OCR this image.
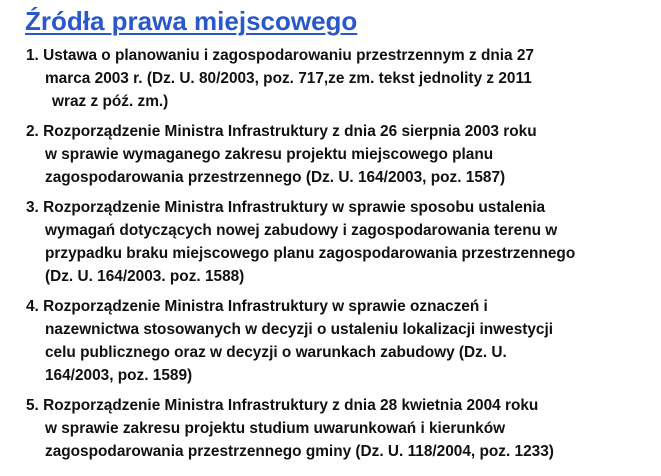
Źródła prawa miejscowego
1. Ustawa o planowaniu i zagospodarowaniu przestrzennym z dnia 27
marca 2003 r. (Dz. U. 80/2003, poz. 717,ze zm. tekst jednolity z 2011
wraz z póź. zm.)
2. Rozporządzenie Ministra Infrastruktury z dnia 26 sierpnia 2003 roku
w sprawie wymaganego zakresu projektu miejscowego planu
zagospodarowania przestrzennego (Dz. U. 164/2003, poz. 1587)
3. Rozporządzenie Ministra Infrastruktury w sprawie sposobu ustalenia
wymagań dotyczących nowej zabudowy i zagospodarowania terenu w
przypadku braku miejscowego planu zagospodarowania przestrzennego
(Dz. U. 164/2003. poz. 1588)
4. Rozporządzenie Ministra Infrastruktury w sprawie oznaczeń i
nazewnictwa stosowanych w decyzji o ustaleniu lokalizacji inwestycji
celu publicznego oraz w decyzji o warunkach zabudowy (Dz. U.
164/2003, poz. 1589)
5. Rozporządzenie Ministra Infrastruktury z dnia 28 kwietnia 2004 roku
w sprawie zakresu projektu studium uwarunkowań i kierunków
zagospodarowania przestrzennego gminy (Dz. U. 118/2004, poz. 1233)
